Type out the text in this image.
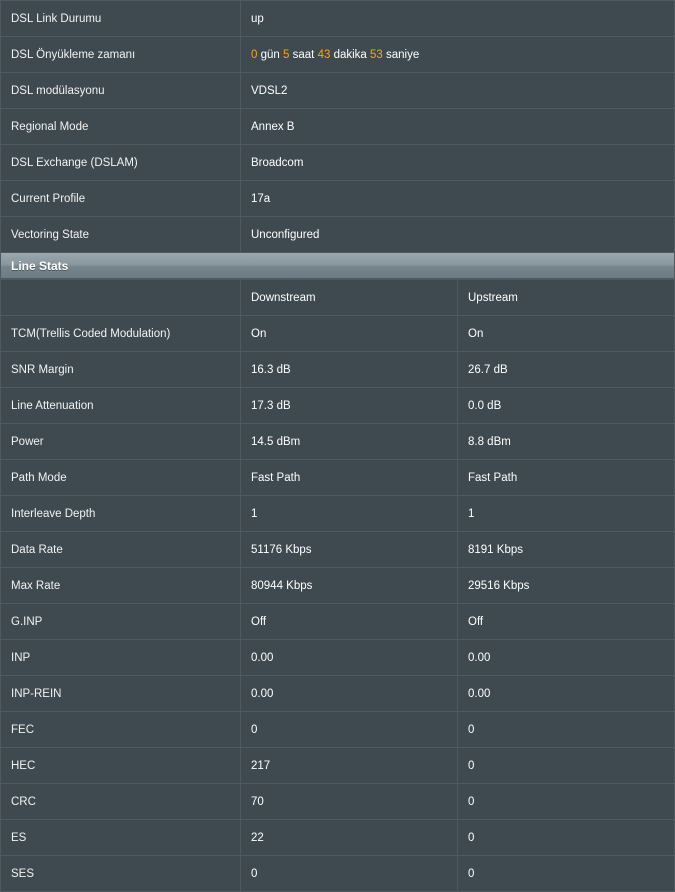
DSL Link Durumu	up
DSL Önyükleme zamanı	0 gün 5 saat 43 dakika 53 saniye
DSL modülasyonu	VDSL2
Regional Mode	Annex B
DSL Exchange (DSLAM)	Broadcom
Current Profile	17a
Vectoring State	Unconfigured
Line Stats
	Downstream	Upstream
TCM(Trellis Coded Modulation)	On	On
SNR Margin	16.3 dB	26.7 dB
Line Attenuation	17.3 dB	0.0 dB
Power	14.5 dBm	8.8 dBm
Path Mode	Fast Path	Fast Path
Interleave Depth	1	1
Data Rate	51176 Kbps	8191 Kbps
Max Rate	80944 Kbps	29516 Kbps
G.INP	Off	Off
INP	0.00	0.00
INP-REIN	0.00	0.00
FEC	0	0
HEC	217	0
CRC	70	0
ES	22	0
SES	0	0
